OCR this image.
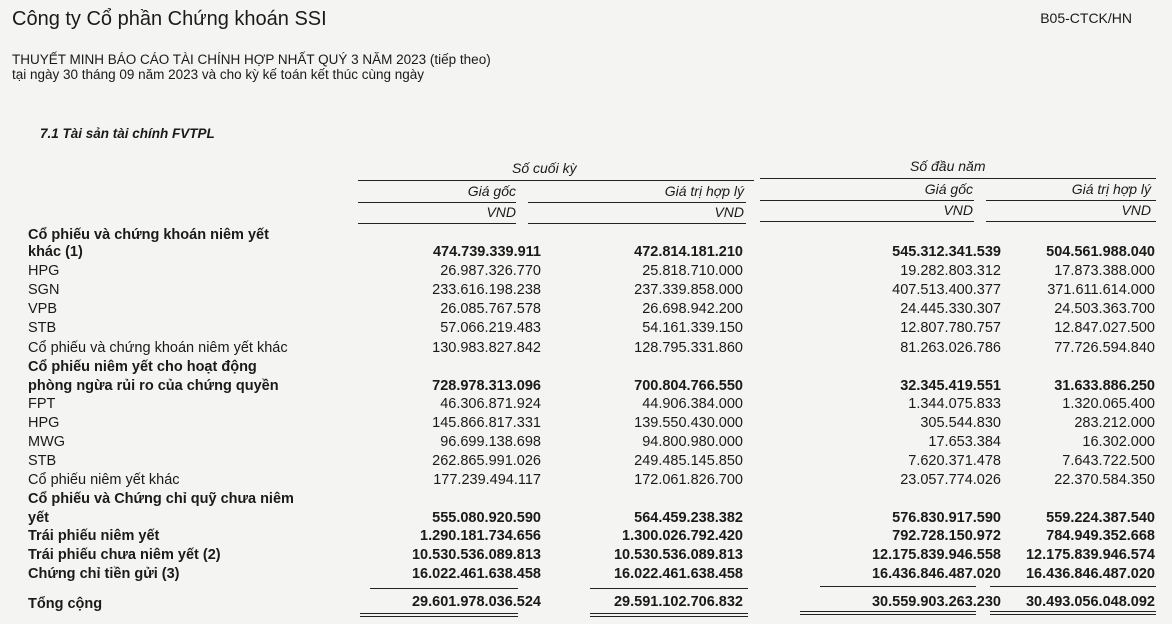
Công ty Cổ phần Chứng khoán SSI	B05-CTCK/HN
THUYẾT MINH BÁO CÁO TÀI CHÍNH HỢP NHẤT QUÝ 3 NĂM 2023 (tiếp theo)
tại ngày 30 tháng 09 năm 2023 và cho kỳ kế toán kết thúc cùng ngày
7.1 Tài sản tài chính FVTPL
Số cuối kỳ	Số đầu năm
Giá gốc	Giá trị hợp lý	Giá gốc	Giá trị hợp lý
VND	VND	VND	VND
Cổ phiếu và chứng khoán niêm yết
khác (1)	474.739.339.911	472.814.181.210	545.312.341.539	504.561.988.040
HPG	26.987.326.770	25.818.710.000	19.282.803.312	17.873.388.000
SGN	233.616.198.238	237.339.858.000	407.513.400.377	371.611.614.000
VPB	26.085.767.578	26.698.942.200	24.445.330.307	24.503.363.700
STB	57.066.219.483	54.161.339.150	12.807.780.757	12.847.027.500
Cổ phiếu và chứng khoán niêm yết khác	130.983.827.842	128.795.331.860	81.263.026.786	77.726.594.840
Cổ phiếu niêm yết cho hoạt động
phòng ngừa rủi ro của chứng quyền	728.978.313.096	700.804.766.550	32.345.419.551	31.633.886.250
FPT	46.306.871.924	44.906.384.000	1.344.075.833	1.320.065.400
HPG	145.866.817.331	139.550.430.000	305.544.830	283.212.000
MWG	96.699.138.698	94.800.980.000	17.653.384	16.302.000
STB	262.865.991.026	249.485.145.850	7.620.371.478	7.643.722.500
Cổ phiếu niêm yết khác	177.239.494.117	172.061.826.700	23.057.774.026	22.370.584.350
Cổ phiếu và Chứng chỉ quỹ chưa niêm
yết	555.080.920.590	564.459.238.382	576.830.917.590	559.224.387.540
Trái phiếu niêm yết	1.290.181.734.656	1.300.026.792.420	792.728.150.972	784.949.352.668
Trái phiếu chưa niêm yết (2)	10.530.536.089.813	10.530.536.089.813	12.175.839.946.558 12.175.839.946.574
Chứng chỉ tiền gửi (3)	16.022.461.638.458	16.022.461.638.458	16.436.846.487.020 16.436.846.487.020
Tổng cộng	29.601.978.036.524	29.591.102.706.832	30.559.903.263.230 30.493.056.048.092
